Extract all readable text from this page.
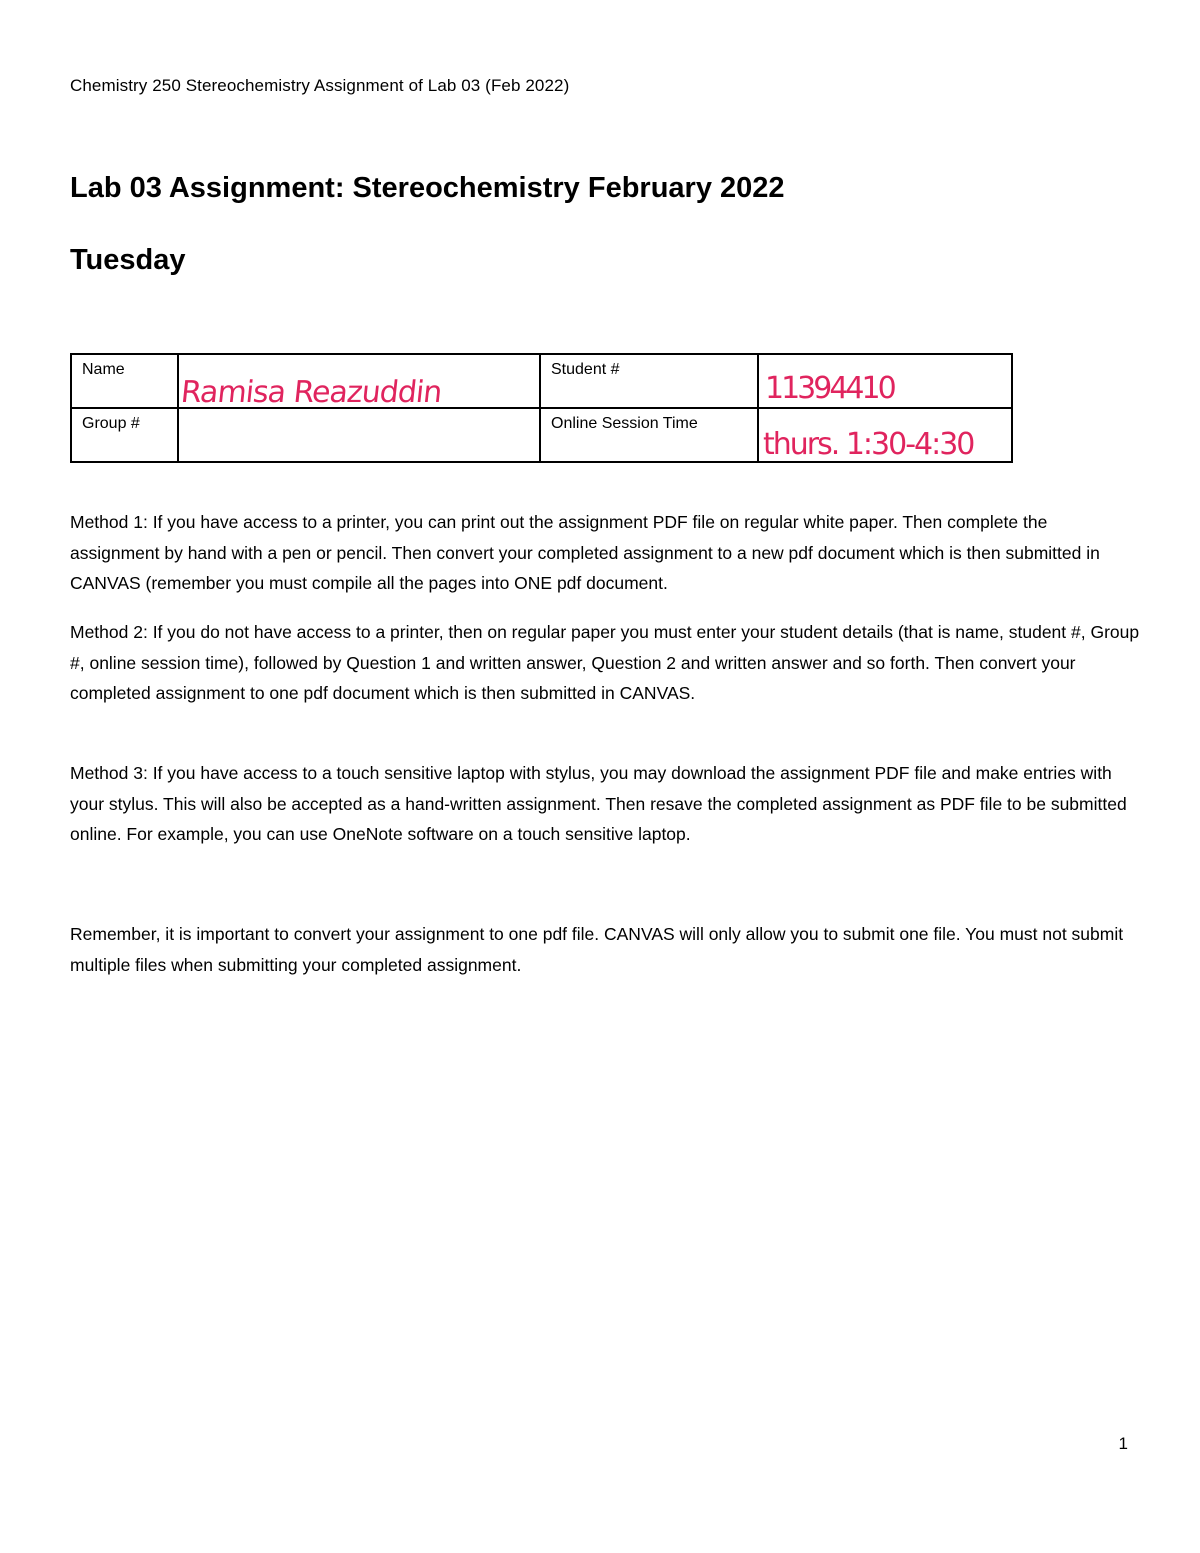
Chemistry 250 Stereochemistry Assignment of Lab 03 (Feb 2022)
Lab 03 Assignment: Stereochemistry February 2022
Tuesday
Name	Ramisa Reazuddin	Student #	11394410

Group #		Online Session Time	thurs. 1:30-4:30

Method 1: If you have access to a printer, you can print out the assignment PDF file on regular white paper. Then complete the assignment by hand with a pen or pencil. Then convert your completed assignment to a new pdf document which is then submitted in CANVAS (remember you must compile all the pages into ONE pdf document.

Method 2: If you do not have access to a printer, then on regular paper you must enter your student details (that is name, student #, Group #, online session time), followed by Question 1 and written answer, Question 2 and written answer and so forth. Then convert your completed assignment to one pdf document which is then submitted in CANVAS.

Method 3: If you have access to a touch sensitive laptop with stylus, you may download the assignment PDF file and make entries with your stylus. This will also be accepted as a hand-written assignment. Then resave the completed assignment as PDF file to be submitted online. For example, you can use OneNote software on a touch sensitive laptop.

Remember, it is important to convert your assignment to one pdf file. CANVAS will only allow you to submit one file. You must not submit multiple files when submitting your completed assignment.

1
